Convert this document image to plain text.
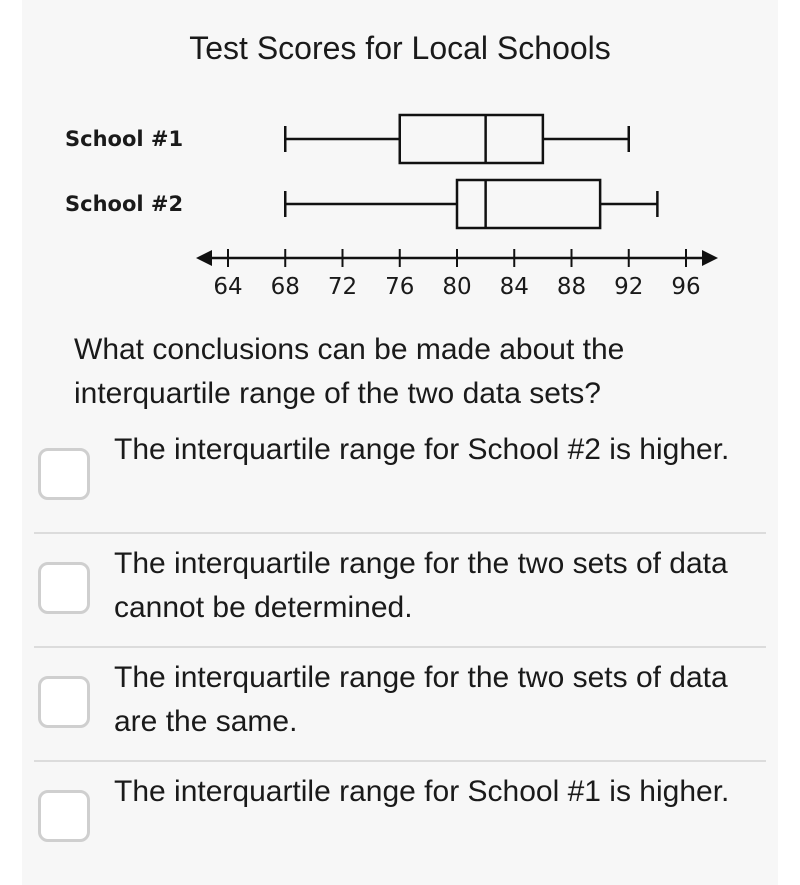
Test Scores for Local Schools
School #1
School #2
64 68 72 76 80 84 88 92 96
What conclusions can be made about the interquartile range of the two data sets?
The interquartile range for School #2 is higher.
The interquartile range for the two sets of data cannot be determined.
The interquartile range for the two sets of data are the same.
The interquartile range for School #1 is higher.
